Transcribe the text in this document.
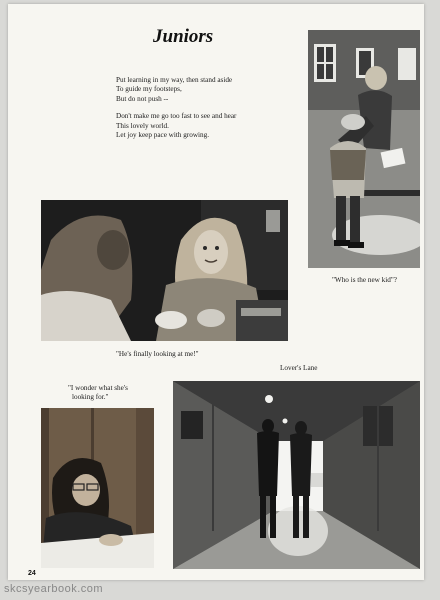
Juniors
Put learning in my way, then stand aside
To guide my footsteps,
But do not push --
Don't make me go too fast to see and hear
This lovely world.
Let joy keep pace with growing.
"Who is the new kid"?
"He's finally looking at me!"
Lover's Lane
"I wonder what she's
looking for."
24
skcsyearbook.com
